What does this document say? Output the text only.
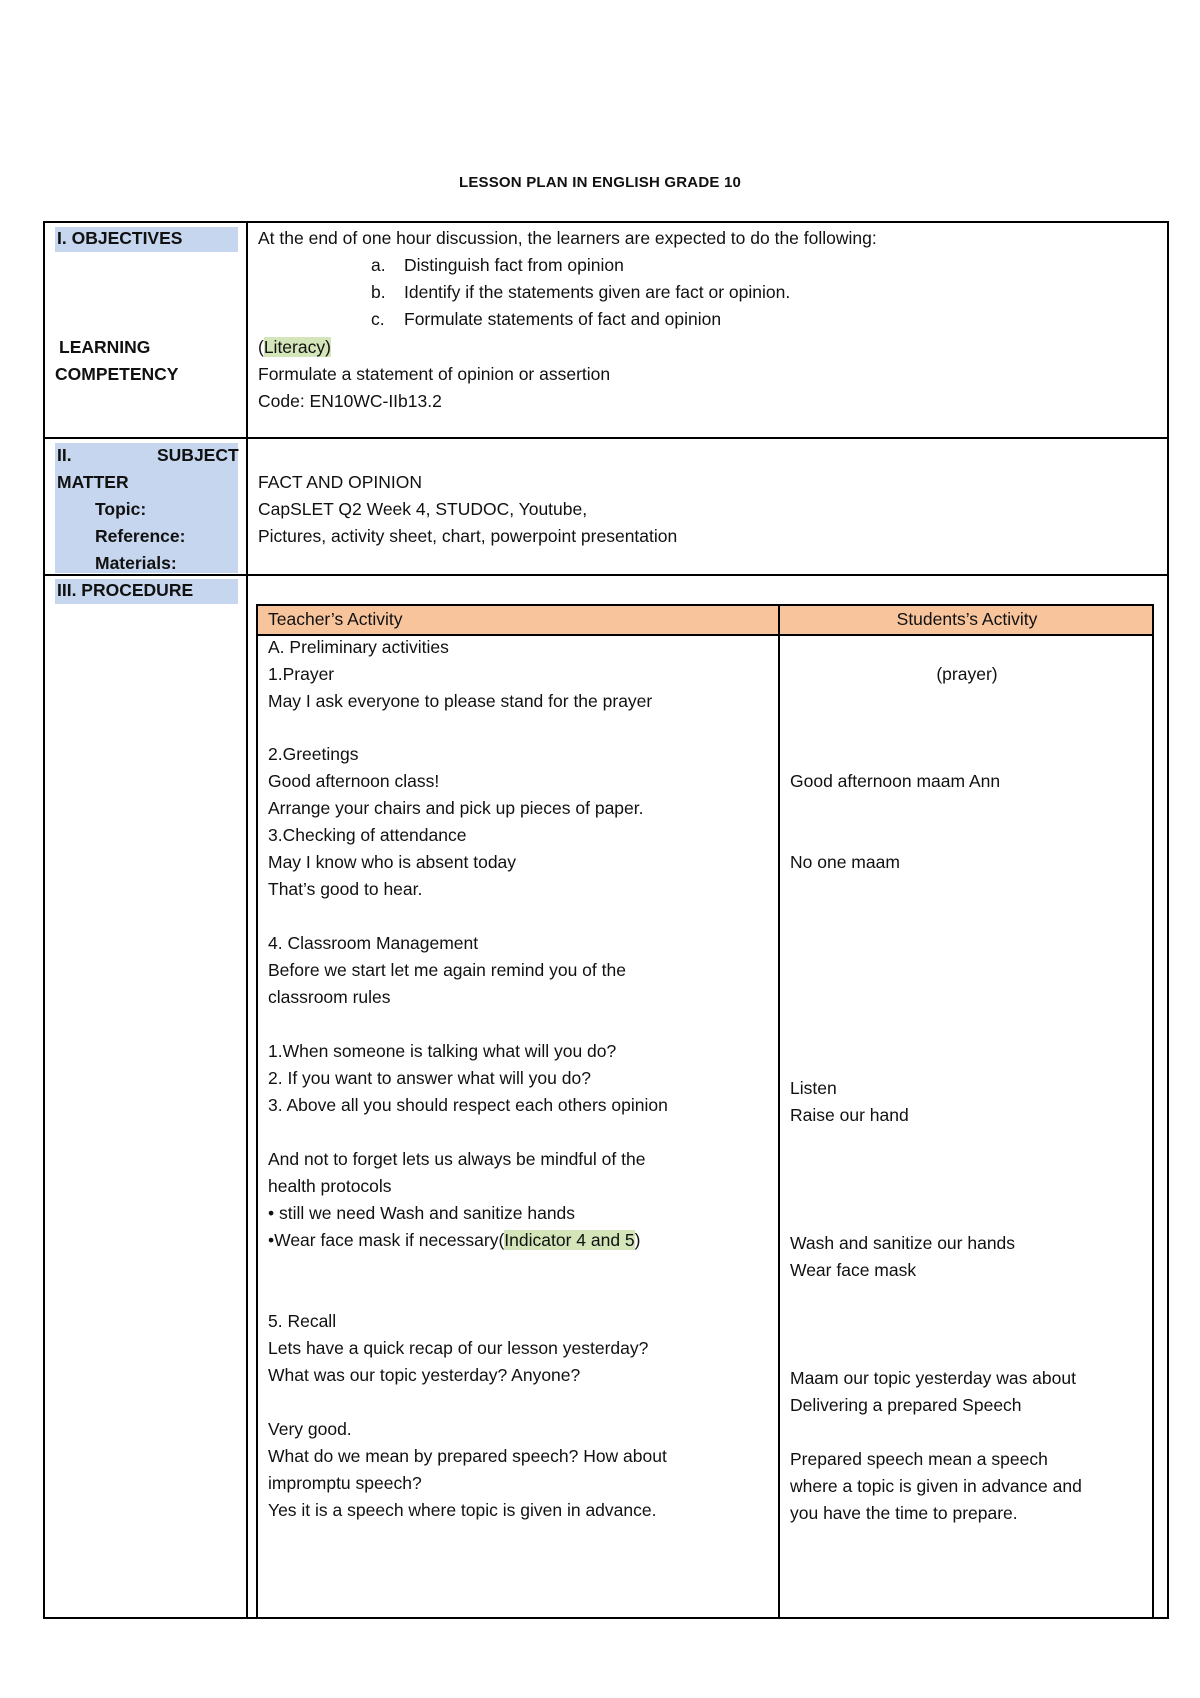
LESSON PLAN IN ENGLISH GRADE 10
I. OBJECTIVES
LEARNING
COMPETENCY
At the end of one hour discussion, the learners are expected to do the following:
a. Distinguish fact from opinion
b. Identify if the statements given are fact or opinion.
c. Formulate statements of fact and opinion
(Literacy)
Formulate a statement of opinion or assertion
Code: EN10WC-IIb13.2
II.	SUBJECT
MATTER
Topic:
Reference:
Materials:
FACT AND OPINION
CapSLET Q2 Week 4, STUDOC, Youtube,
Pictures, activity sheet, chart, powerpoint presentation
III. PROCEDURE
Teacher’s Activity	Students’s Activity
A. Preliminary activities
1.Prayer
May I ask everyone to please stand for the prayer
2.Greetings
Good afternoon class!
Arrange your chairs and pick up pieces of paper.
3.Checking of attendance
May I know who is absent today
That’s good to hear.
4. Classroom Management
Before we start let me again remind you of the
classroom rules
1.When someone is talking what will you do?
2. If you want to answer what will you do?
3. Above all you should respect each others opinion
And not to forget lets us always be mindful of the
health protocols
• still we need Wash and sanitize hands
•Wear face mask if necessary(Indicator 4 and 5)
5. Recall
Lets have a quick recap of our lesson yesterday?
What was our topic yesterday? Anyone?
Very good.
What do we mean by prepared speech? How about
impromptu speech?
Yes it is a speech where topic is given in advance.
(prayer)
Good afternoon maam Ann
No one maam
Listen
Raise our hand
Wash and sanitize our hands
Wear face mask
Maam our topic yesterday was about
Delivering a prepared Speech
Prepared speech mean a speech
where a topic is given in advance and
you have the time to prepare.
